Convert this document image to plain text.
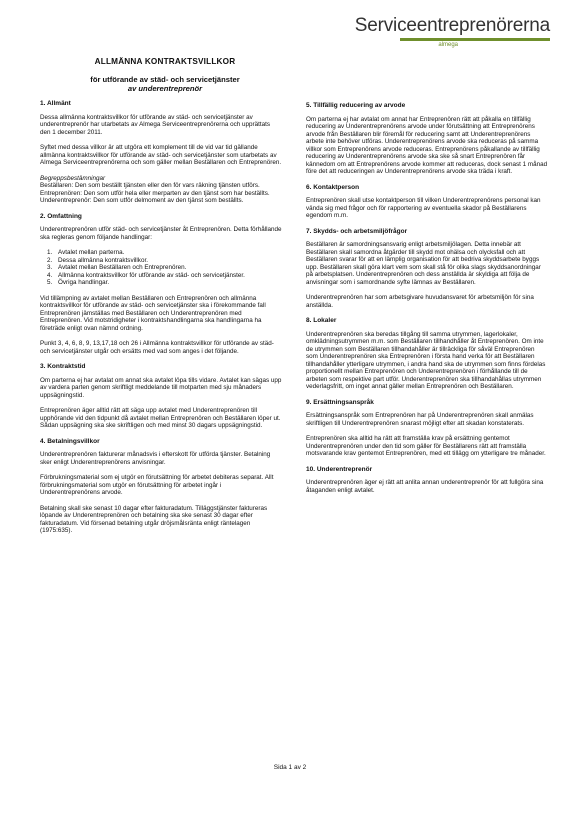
Serviceentreprenörerna
almega
ALLMÄNNA KONTRAKTSVILLKOR
för utförande av städ- och servicetjänster
av underentreprenör
1. Allmänt
Dessa allmänna kontraktsvillkor för utförande av städ- och servicetjänster av underentreprenör har utarbetats av Almega Serviceentreprenörerna och upprättats den 1 december 2011.
Syftet med dessa villkor är att utgöra ett komplement till de vid var tid gällande allmänna kontraktsvillkor för utförande av städ- och servicetjänster som utarbetats av Almega Serviceentreprenörerna och som gäller mellan Beställaren och Entreprenören.
Begreppsbestämningar
Beställaren: Den som beställt tjänsten eller den för vars räkning tjänsten utförs.
Entreprenören: Den som utför hela eller merparten av den tjänst som har beställts.
Underentreprenör: Den som utför delmoment av den tjänst som beställts.
2. Omfattning
Underentreprenören utför städ- och servicetjänster åt Entreprenören. Detta förhållande ska regleras genom följande handlingar:
1. Avtalet mellan parterna.
2. Dessa allmänna kontraktsvillkor.
3. Avtalet mellan Beställaren och Entreprenören.
4. Allmänna kontraktsvillkor för utförande av städ- och servicetjänster.
5. Övriga handlingar.
Vid tillämpning av avtalet mellan Beställaren och Entreprenören och allmänna kontraktsvillkor för utförande av städ- och servicetjänster ska i förekommande fall Entreprenören jämställas med Beställaren och Underentreprenören med Entreprenören. Vid motstridigheter i kontraktshandlingarna ska handlingarna ha företräde enligt ovan nämnd ordning.
Punkt 3, 4, 6, 8, 9, 13,17,18 och 26 i Allmänna kontraktsvillkor för utförande av städ- och servicetjänster utgår och ersätts med vad som anges i det följande.
3. Kontraktstid
Om parterna ej har avtalat om annat ska avtalet löpa tills vidare. Avtalet kan sägas upp av vardera parten genom skriftligt meddelande till motparten med sju månaders uppsägningstid.
Entreprenören äger alltid rätt att säga upp avtalet med Underentreprenören till upphörande vid den tidpunkt då avtalet mellan Entreprenören och Beställaren löper ut. Sådan uppsägning ska ske skriftligen och med minst 30 dagars uppsägningstid.
4. Betalningsvillkor
Underentreprenören fakturerar månadsvis i efterskott för utförda tjänster. Betalning sker enligt Underentreprenörens anvisningar.
Förbrukningsmaterial som ej utgör en förutsättning för arbetet debiteras separat. Allt förbrukningsmaterial som utgör en förutsättning för arbetet ingår i Underentreprenörens arvode.
Betalning skall ske senast 10 dagar efter fakturadatum. Tilläggstjänster faktureras löpande av Underentreprenören och betalning ska ske senast 30 dagar efter fakturadatum. Vid försenad betalning utgår dröjsmålsränta enligt räntelagen (1975:635).
5. Tillfällig reducering av arvode
Om parterna ej har avtalat om annat har Entreprenören rätt att påkalla en tillfällig reducering av Underentreprenörens arvode under förutsättning att Entreprenörens arvode från Beställaren blir föremål för reducering samt att Underentreprenörens arbete inte behöver utföras. Underentreprenörens arvode ska reduceras på samma villkor som Entreprenörens arvode reduceras. Entreprenörens påkallande av tillfällig reducering av Underentreprenörens arvode ska ske så snart Entreprenören får kännedom om att Entreprenörens arvode kommer att reduceras, dock senast 1 månad före det att reduceringen av Underentreprenörens arvode ska träda i kraft.
6. Kontaktperson
Entreprenören skall utse kontaktperson till vilken Underentreprenörens personal kan vända sig med frågor och för rapportering av eventuella skador på Beställarens egendom m.m.
7. Skydds- och arbetsmiljöfrågor
Beställaren är samordningsansvarig enligt arbetsmiljölagen. Detta innebär att Beställaren skall samordna åtgärder till skydd mot ohälsa och olycksfall och att Beställaren svarar för att en lämplig organisation för att bedriva skyddsarbete byggs upp. Beställaren skall göra klart vem som skall stå för olika slags skyddsanordningar på arbetsplatsen. Underentreprenören och dess anställda är skyldiga att följa de anvisningar som i samordnande syfte lämnas av Beställaren.
Underentreprenören har som arbetsgivare huvudansvaret för arbetsmiljön för sina anställda.
8. Lokaler
Underentreprenören ska beredas tillgång till samma utrymmen, lagerlokaler, omklädningsutrymmen m.m. som Beställaren tillhandhåller åt Entreprenören. Om inte de utrymmen som Beställaren tillhandahåller är tillräckliga för såväl Entreprenören som Underentreprenören ska Entreprenören i första hand verka för att Beställaren tillhandahåller ytterligare utrymmen, i andra hand ska de utrymmen som finns fördelas proportionellt mellan Entreprenören och Underentreprenören i förhållande till de arbeten som respektive part utför. Underentreprenören ska tillhandahållas utrymmen vederlagsfritt, om inget annat gäller mellan Entreprenören och Beställaren.
9. Ersättningsanspråk
Ersättningsanspråk som Entreprenören har på Underentreprenören skall anmälas skriftligen till Underentreprenören snarast möjligt efter att skadan konstaterats.
Entreprenören ska alltid ha rätt att framställa krav på ersättning gentemot Underentreprenören under den tid som gäller för Beställarens rätt att framställa motsvarande krav gentemot Entreprenören, med ett tillägg om ytterligare tre månader.
10. Underentreprenör
Underentreprenören äger ej rätt att anlita annan underentreprenör för att fullgöra sina åtaganden enligt avtalet.
Sida 1 av 2
